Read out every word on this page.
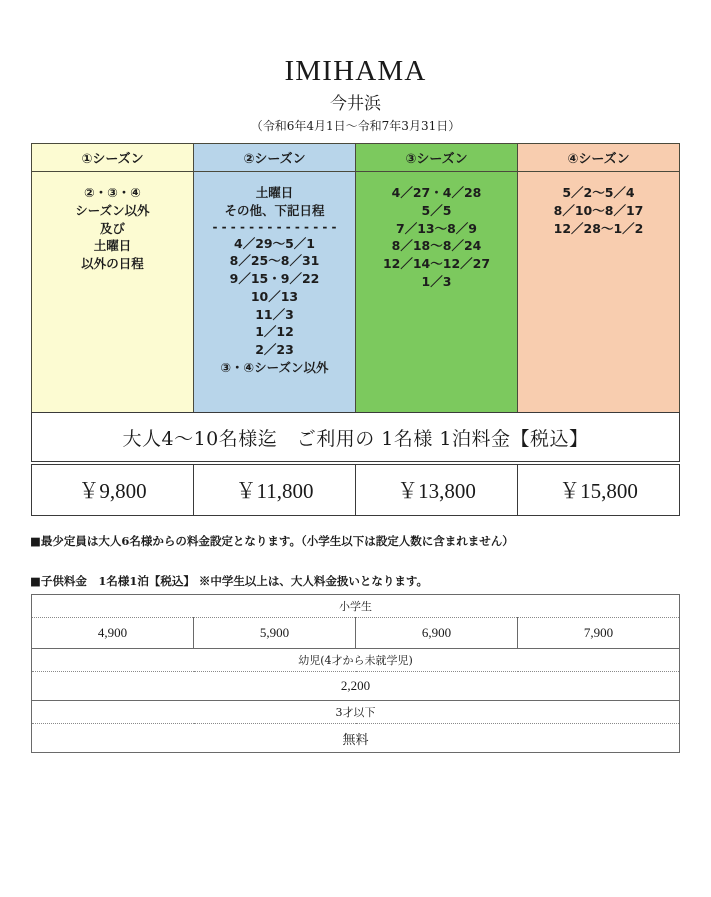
IMIHAMA
今井浜
（令和6年4月1日～令和7年3月31日）
①シーズン	②シーズン	③シーズン	④シーズン

②・③・④
シーズン以外
及び
土曜日
以外の日程

土曜日
その他、下記日程
- - - - - - - - - - - - - -
4／29～5／1
8／25～8／31
9／15・9／22
10／13
11／3
1／12
2／23
③・④シーズン以外

4／27・4／28
5／5
7／13～8／9
8／18～8／24
12／14～12／27
1／3

5／2～5／4
8／10～8／17
12／28～1／2
大人4～10名様迄　ご利用の 1名様 1泊料金【税込】
￥9,800	￥11,800	￥13,800	￥15,800
■最少定員は大人6名様からの料金設定となります。（小学生以下は設定人数に含まれません）
■子供料金　1名様1泊【税込】 ※中学生以上は、大人料金扱いとなります。
小学生
4,900	5,900	6,900	7,900
幼児(4才から未就学児)
2,200
3才以下
無料
